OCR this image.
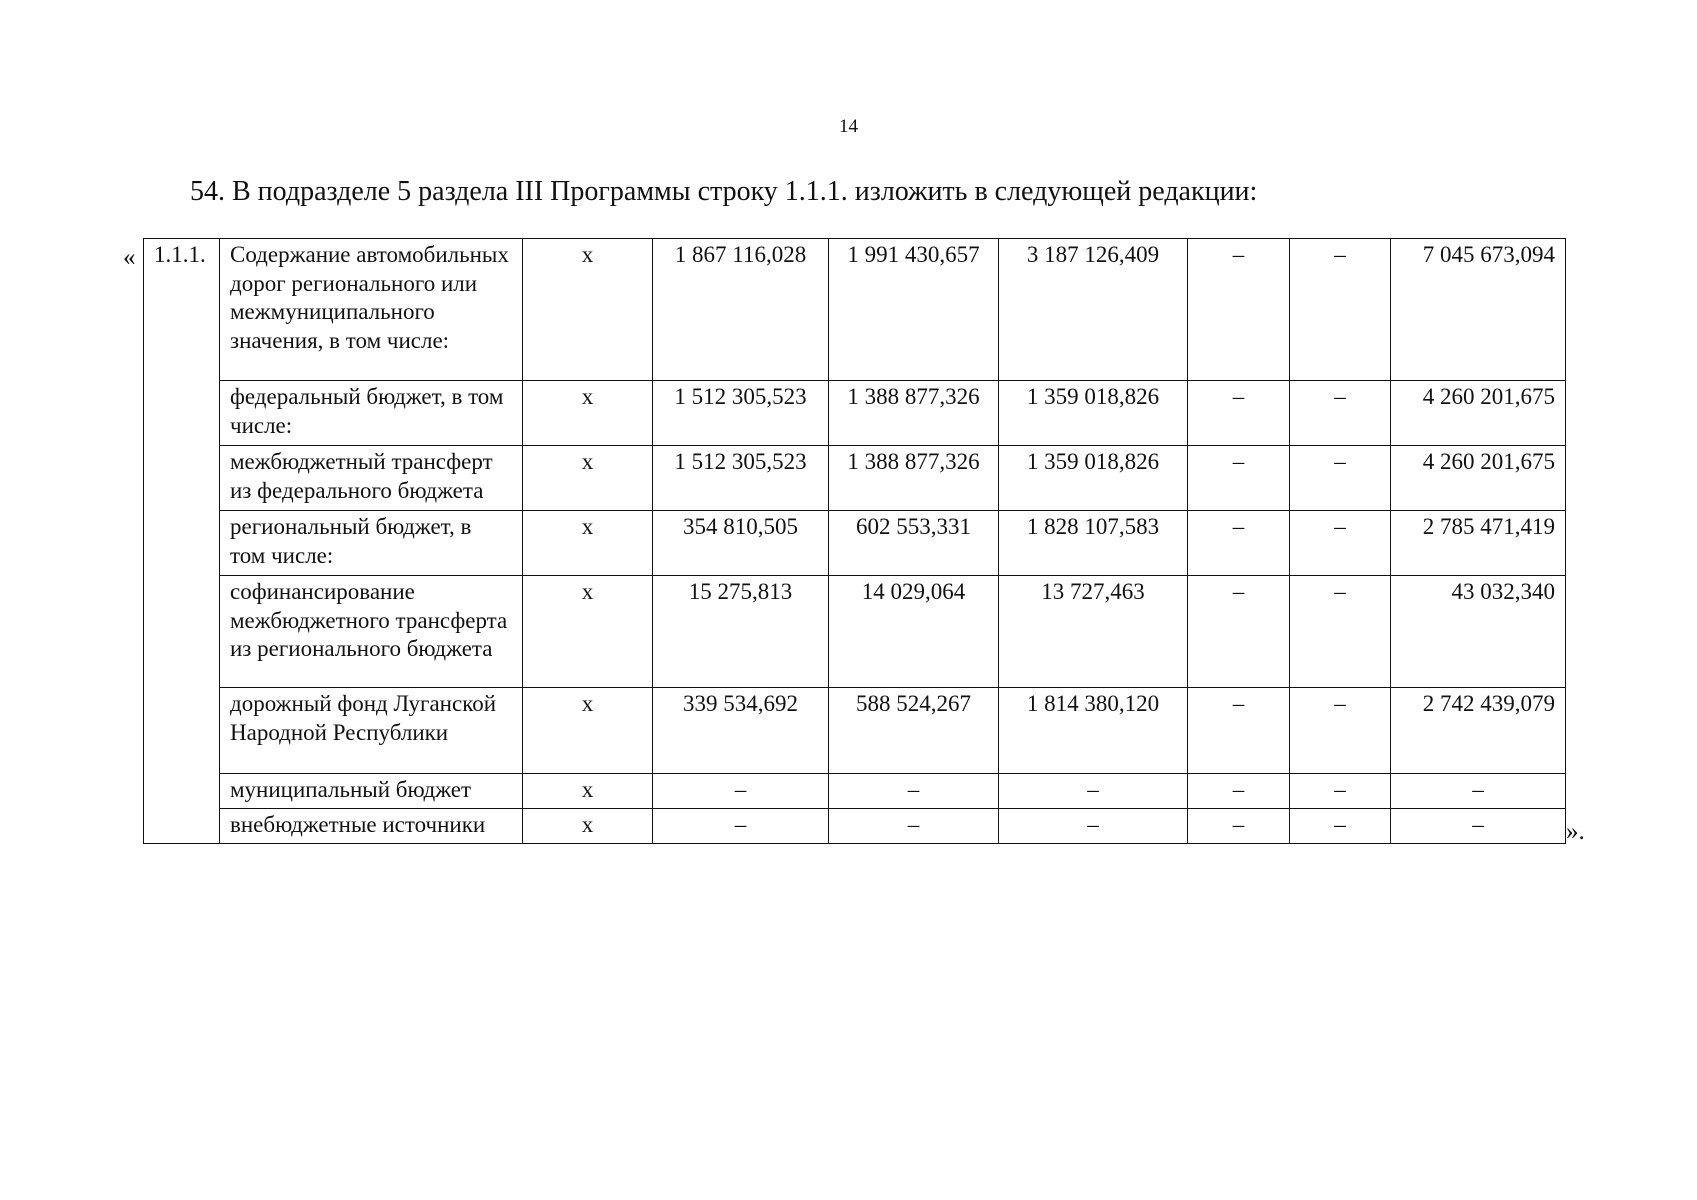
14
54. В подразделе 5 раздела III Программы строку 1.1.1. изложить в следующей редакции:
« 1.1.1.	Содержание автомобильных дорог регионального или межмуниципального значения, в том числе:	х	1 867 116,028	1 991 430,657	3 187 126,409	–	–	7 045 673,094
	федеральный бюджет, в том числе:	х	1 512 305,523	1 388 877,326	1 359 018,826	–	–	4 260 201,675
	межбюджетный трансферт из федерального бюджета	х	1 512 305,523	1 388 877,326	1 359 018,826	–	–	4 260 201,675
	региональный бюджет, в том числе:	х	354 810,505	602 553,331	1 828 107,583	–	–	2 785 471,419
	софинансирование межбюджетного трансферта из регионального бюджета	х	15 275,813	14 029,064	13 727,463	–	–	43 032,340
	дорожный фонд Луганской Народной Республики	х	339 534,692	588 524,267	1 814 380,120	–	–	2 742 439,079
	муниципальный бюджет	х	–	–	–	–	–	–
	внебюджетные источники	х	–	–	–	–	–	–	».
